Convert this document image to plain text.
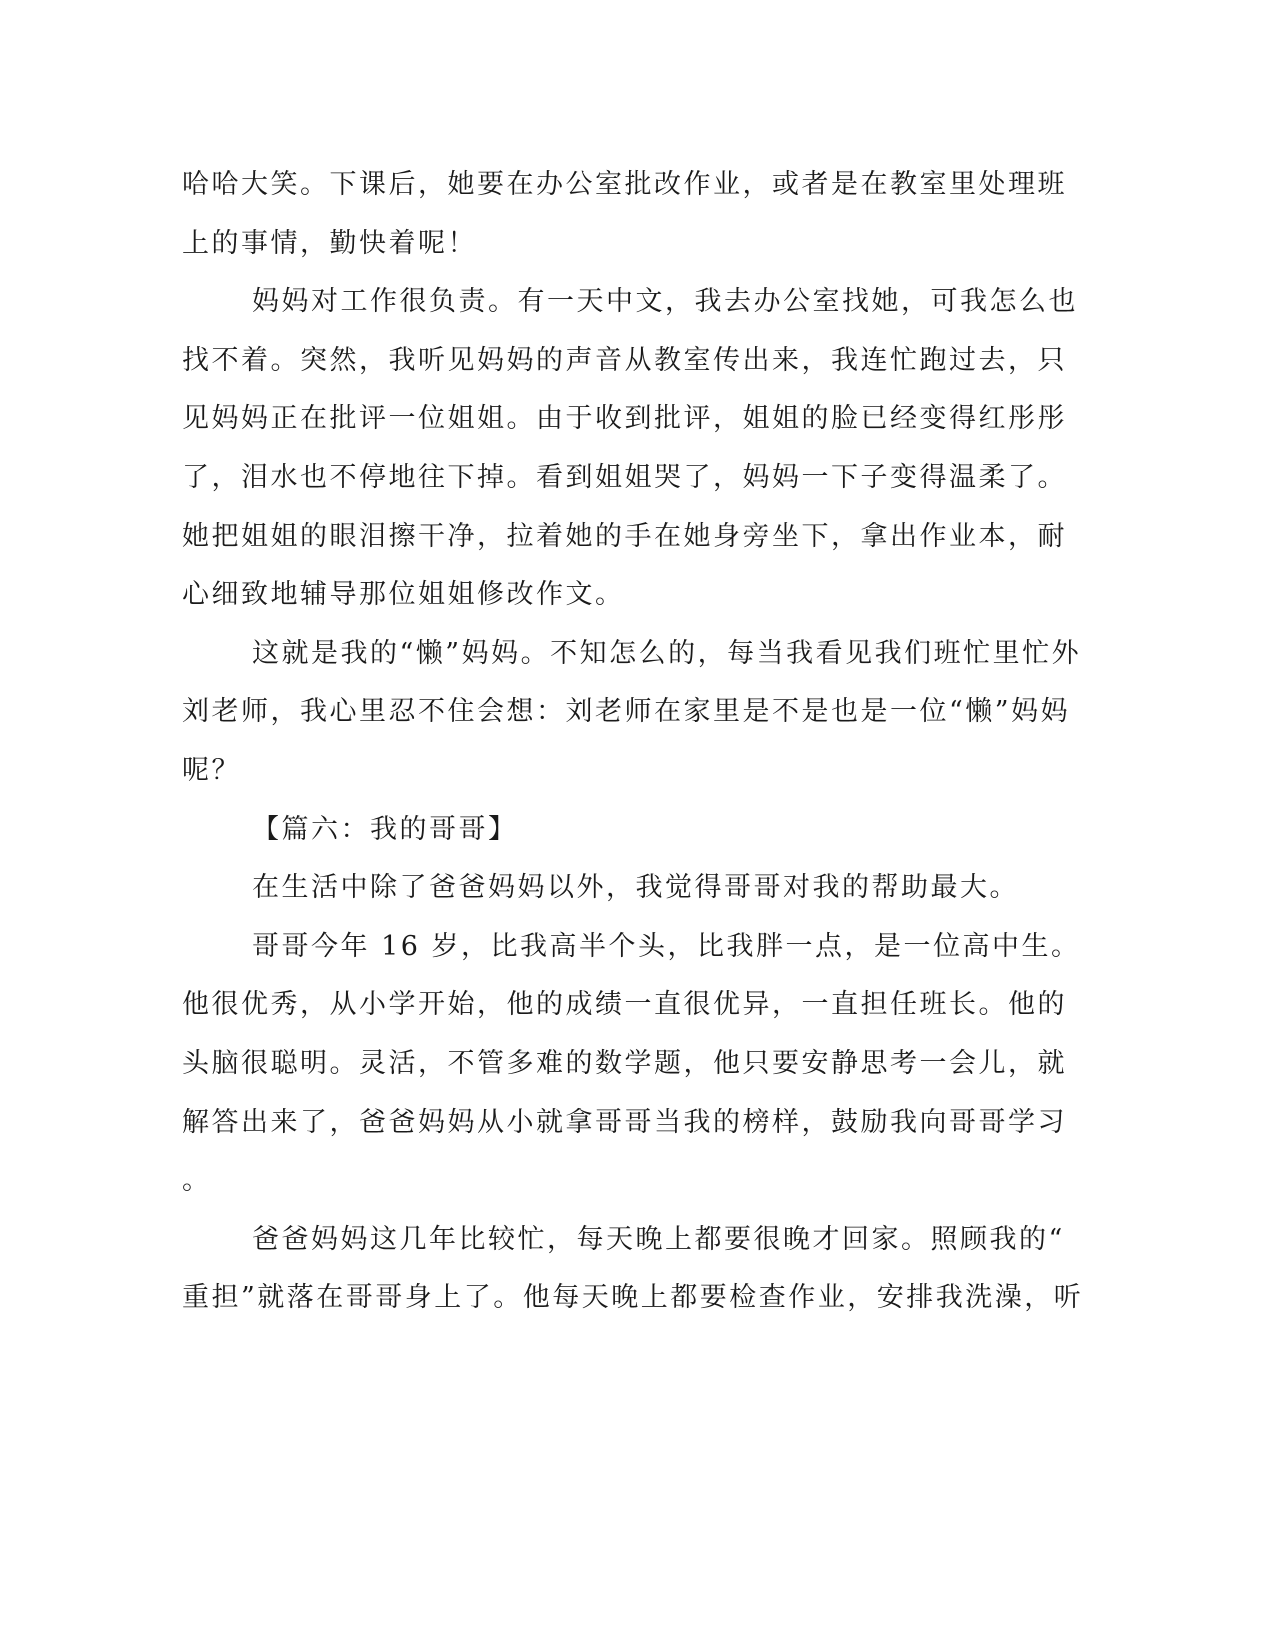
哈哈大笑。下课后，她要在办公室批改作业，或者是在教室里处理班
上的事情，勤快着呢！
妈妈对工作很负责。有一天中文，我去办公室找她，可我怎么也
找不着。突然，我听见妈妈的声音从教室传出来，我连忙跑过去，只
见妈妈正在批评一位姐姐。由于收到批评，姐姐的脸已经变得红彤彤
了，泪水也不停地往下掉。看到姐姐哭了，妈妈一下子变得温柔了。
她把姐姐的眼泪擦干净，拉着她的手在她身旁坐下，拿出作业本，耐
心细致地辅导那位姐姐修改作文。
这就是我的“懒”妈妈。不知怎么的，每当我看见我们班忙里忙外
刘老师，我心里忍不住会想：刘老师在家里是不是也是一位“懒”妈妈
呢？
【篇六：我的哥哥】
在生活中除了爸爸妈妈以外，我觉得哥哥对我的帮助最大。
哥哥今年 16 岁，比我高半个头，比我胖一点，是一位高中生。
他很优秀，从小学开始，他的成绩一直很优异，一直担任班长。他的
头脑很聪明。灵活，不管多难的数学题，他只要安静思考一会儿，就
解答出来了，爸爸妈妈从小就拿哥哥当我的榜样，鼓励我向哥哥学习
。
爸爸妈妈这几年比较忙，每天晚上都要很晚才回家。照顾我的“
重担”就落在哥哥身上了。他每天晚上都要检查作业，安排我洗澡，听
